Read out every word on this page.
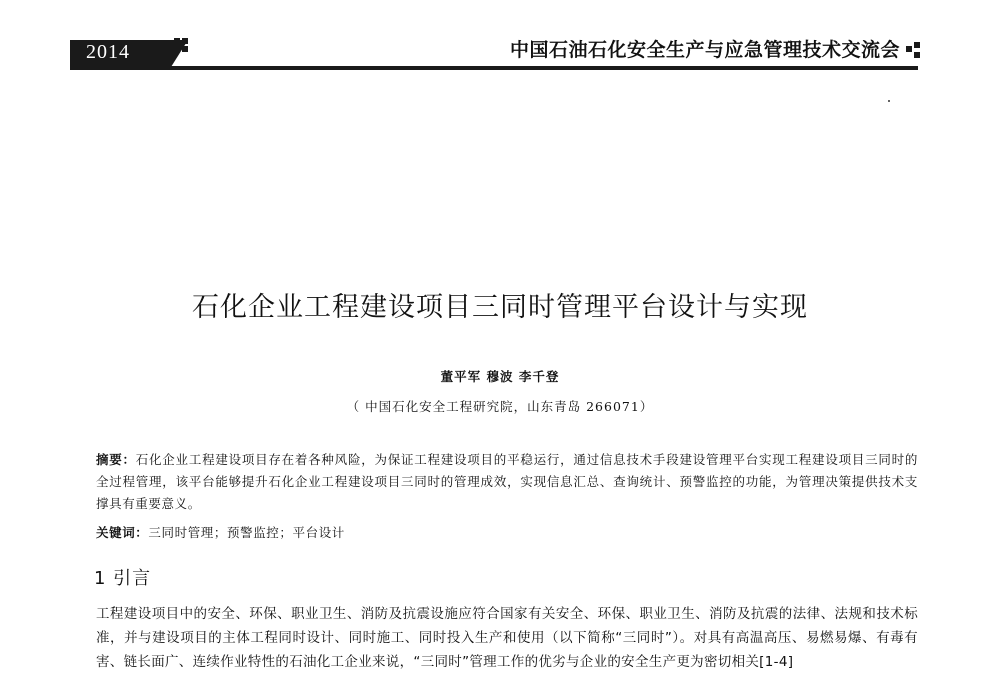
2014	中国石油石化安全生产与应急管理技术交流会
石化企业工程建设项目三同时管理平台设计与实现
董平军 穆波 李千登
（ 中国石化安全工程研究院，山东青岛 266071）
摘要：石化企业工程建设项目存在着各种风险，为保证工程建设项目的平稳运行，通过信息技术手段建设管理平台实现工程建设项目三同时的全过程管理，该平台能够提升石化企业工程建设项目三同时的管理成效，实现信息汇总、查询统计、预警监控的功能，为管理决策提供技术支撑具有重要意义。
关键词：三同时管理；预警监控；平台设计
1 引言
工程建设项目中的安全、环保、职业卫生、消防及抗震设施应符合国家有关安全、环保、职业卫生、消防及抗震的法律、法规和技术标准，并与建设项目的主体工程同时设计、同时施工、同时投入生产和使用（以下简称“三同时”）。对具有高温高压、易燃易爆、有毒有害、链长面广、连续作业特性的石油化工企业来说，“三同时”管理工作的优劣与企业的安全生产更为密切相关[1-4]
